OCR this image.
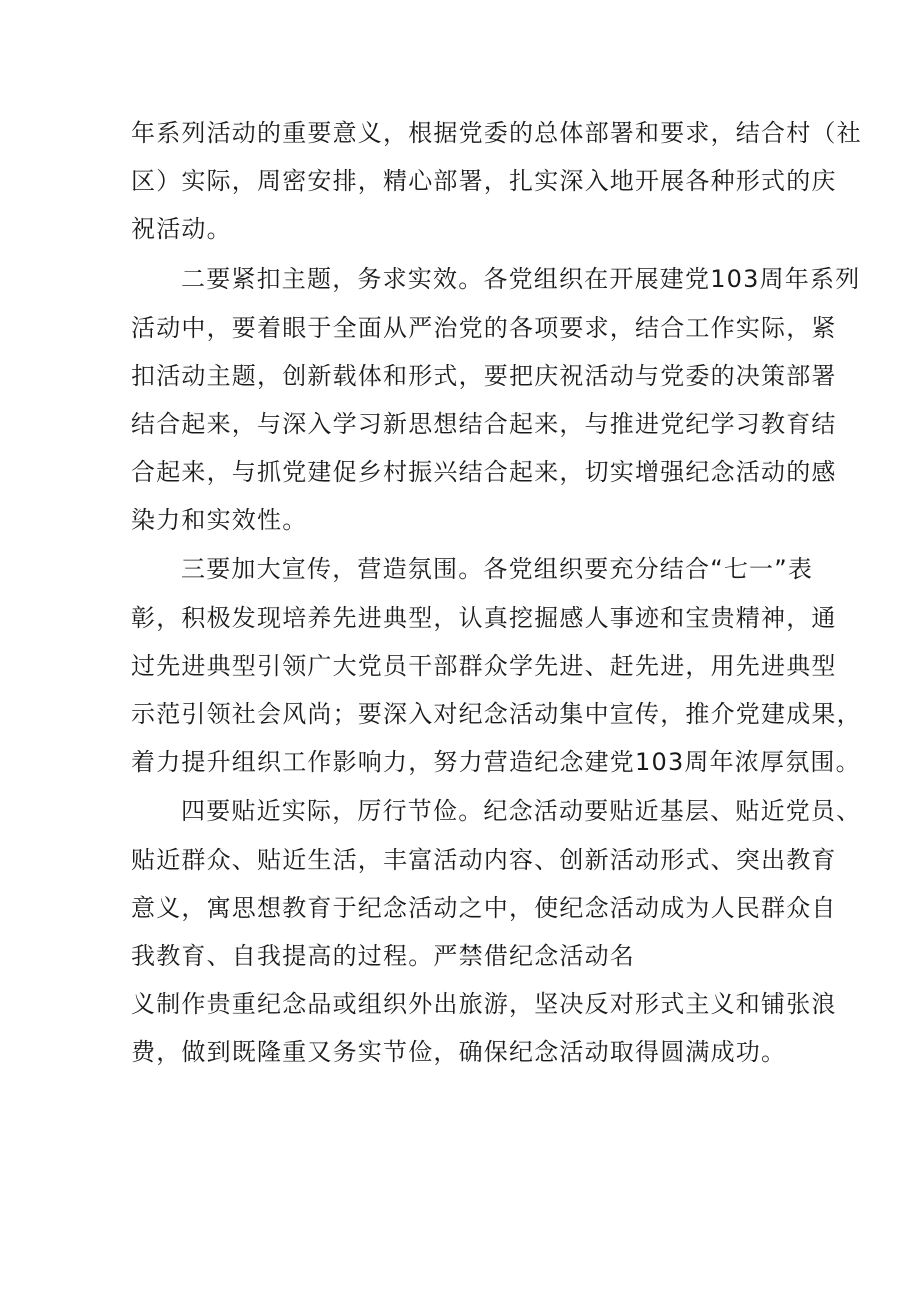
年系列活动的重要意义，根据党委的总体部署和要求，结合村（社
区）实际，周密安排，精心部署，扎实深入地开展各种形式的庆
祝活动。
二要紧扣主题，务求实效。各党组织在开展建党103周年系列
活动中，要着眼于全面从严治党的各项要求，结合工作实际，紧
扣活动主题，创新载体和形式，要把庆祝活动与党委的决策部署
结合起来，与深入学习新思想结合起来，与推进党纪学习教育结
合起来，与抓党建促乡村振兴结合起来，切实增强纪念活动的感
染力和实效性。
三要加大宣传，营造氛围。各党组织要充分结合“七一”表
彰，积极发现培养先进典型，认真挖掘感人事迹和宝贵精神，通
过先进典型引领广大党员干部群众学先进、赶先进，用先进典型
示范引领社会风尚；要深入对纪念活动集中宣传，推介党建成果，
着力提升组织工作影响力，努力营造纪念建党103周年浓厚氛围。
四要贴近实际，厉行节俭。纪念活动要贴近基层、贴近党员、
贴近群众、贴近生活，丰富活动内容、创新活动形式、突出教育
意义，寓思想教育于纪念活动之中，使纪念活动成为人民群众自
我教育、自我提高的过程。严禁借纪念活动名
义制作贵重纪念品或组织外出旅游，坚决反对形式主义和铺张浪
费，做到既隆重又务实节俭，确保纪念活动取得圆满成功。
